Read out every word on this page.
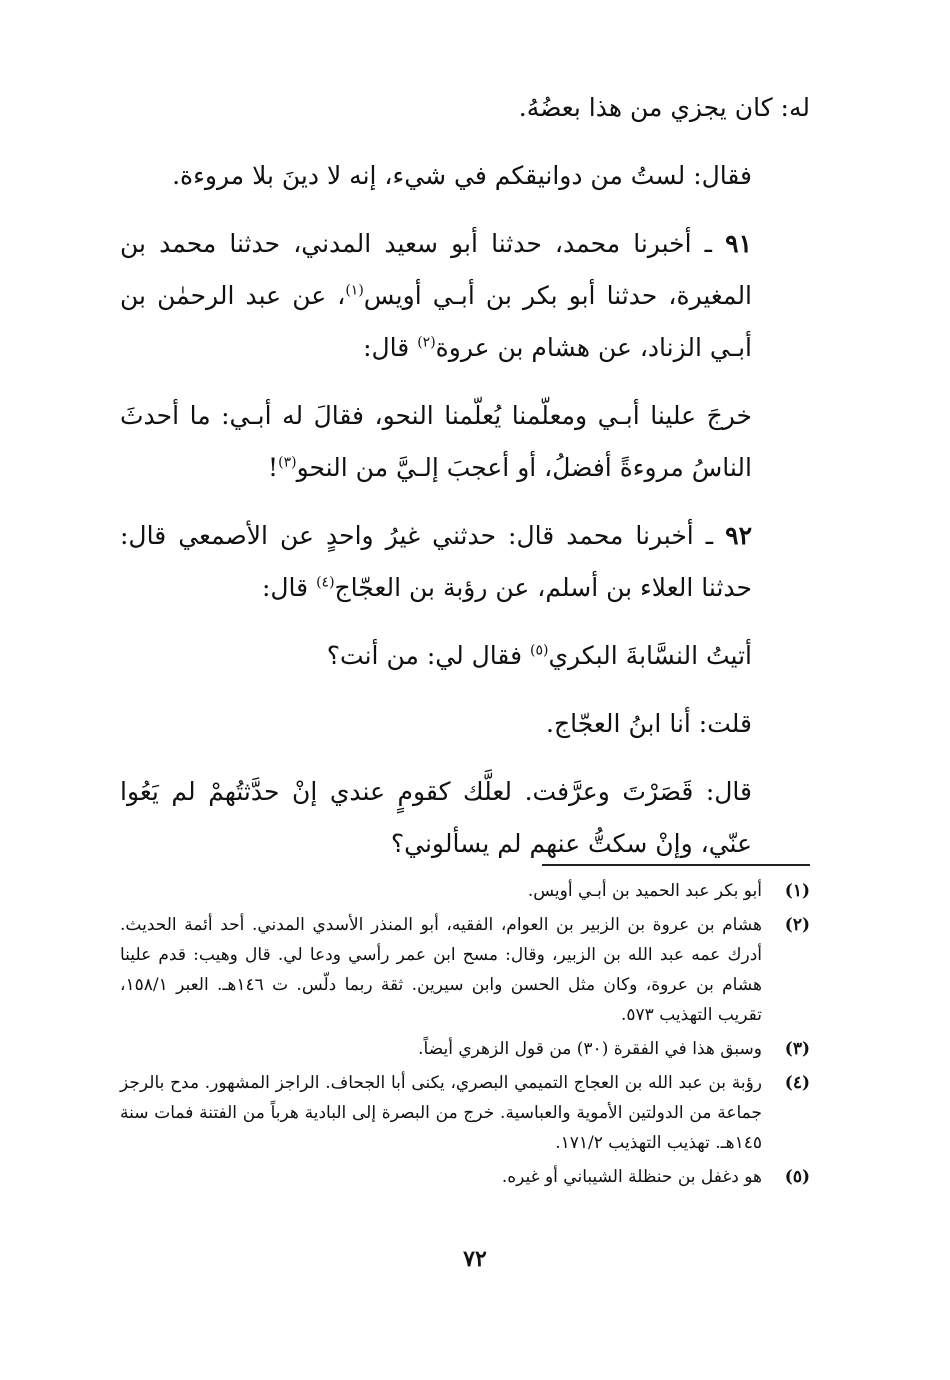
له: كان يجزي من هذا بعضُهُ.

فقال: لستُ من دوانيقكم في شيء، إنه لا دينَ بلا مروءة.

٩١ ـ أخبرنا محمد، حدثنا أبو سعيد المدني، حدثنا محمد بن المغيرة، حدثنا أبو بكر بن أبـي أويس$^{(١)}$، عن عبد الرحمٰن بن أبـي الزناد، عن هشام بن عروة$^{(٢)}$ قال:

خرجَ علينا أبـي ومعلّمنا يُعلّمنا النحو، فقالَ له أبـي: ما أحدثَ الناسُ مروءةً أفضلُ، أو أعجبَ إلـيَّ من النحو$^{(٣)}$!

٩٢ ـ أخبرنا محمد قال: حدثني غيرُ واحدٍ عن الأصمعي قال: حدثنا العلاء بن أسلم، عن رؤبة بن العجّاج$^{(٤)}$ قال:

أتيتُ النسَّابةَ البكري$^{(٥)}$ فقال لي: من أنت؟

قلت: أنا ابنُ العجّاج.

قال: قَصَرْتَ وعرَّفت. لعلَّك كقومٍ عندي إنْ حدَّثتُهمْ لم يَعُوا عنّي، وإنْ سكتُّ عنهم لم يسألوني؟

(١)
أبو بكر عبد الحميد بن أبـي أويس.
(٢)
هشام بن عروة بن الزبير بن العوام، الفقيه، أبو المنذر الأسدي المدني. أحد أئمة الحديث. أدرك عمه عبد الله بن الزبير، وقال: مسح ابن عمر رأسي ودعا لي. قال وهيب: قدم علينا هشام بن عروة، وكان مثل الحسن وابن سيرين. ثقة ربما دلّس. ت ١٤٦هـ. العبر ١٥٨/١، تقريب التهذيب ٥٧٣.
(٣)
وسبق هذا في الفقرة (٣٠) من قول الزهري أيضاً.
(٤)
رؤبة بن عبد الله بن العجاج التميمي البصري، يكنى أبا الجحاف. الراجز المشهور. مدح بالرجز جماعة من الدولتين الأموية والعباسية. خرج من البصرة إلى البادية هرباً من الفتنة فمات سنة ١٤٥هـ. تهذيب التهذيب ١٧١/٢.
(٥)
هو دغفل بن حنظلة الشيباني أو غيره.
٧٢
